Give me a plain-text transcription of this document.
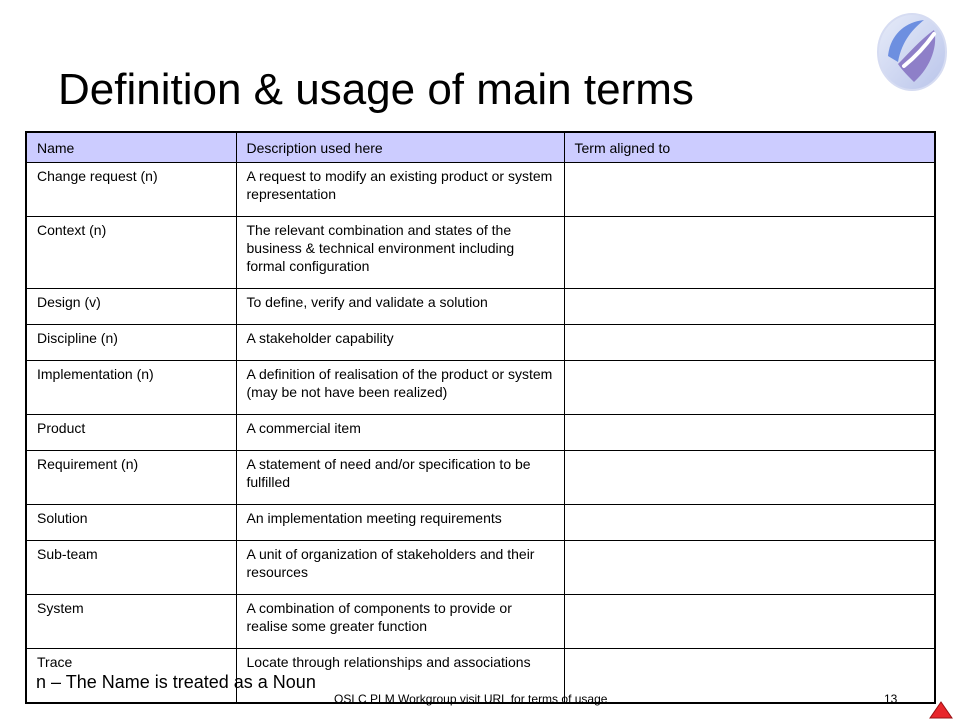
Definition & usage of main terms
Name	Description used here	Term aligned to
Change request (n)	A request to modify an existing product or system representation	
Context (n)	The relevant combination and states of the business & technical environment including formal configuration	
Design (v)	To define, verify and validate a solution	
Discipline (n)	A stakeholder capability	
Implementation (n)	A definition of realisation of the product or system (may be not have been realized)	
Product	A commercial item	
Requirement (n)	A statement of need and/or specification to be fulfilled	
Solution	An implementation meeting requirements	
Sub-team	A unit of organization of stakeholders and their resources	
System	A combination of components to provide or realise some greater function	
Trace	Locate through relationships and associations	
n – The Name is treated as a Noun
OSLC PLM Workgroup visit URL for terms of usage	13
